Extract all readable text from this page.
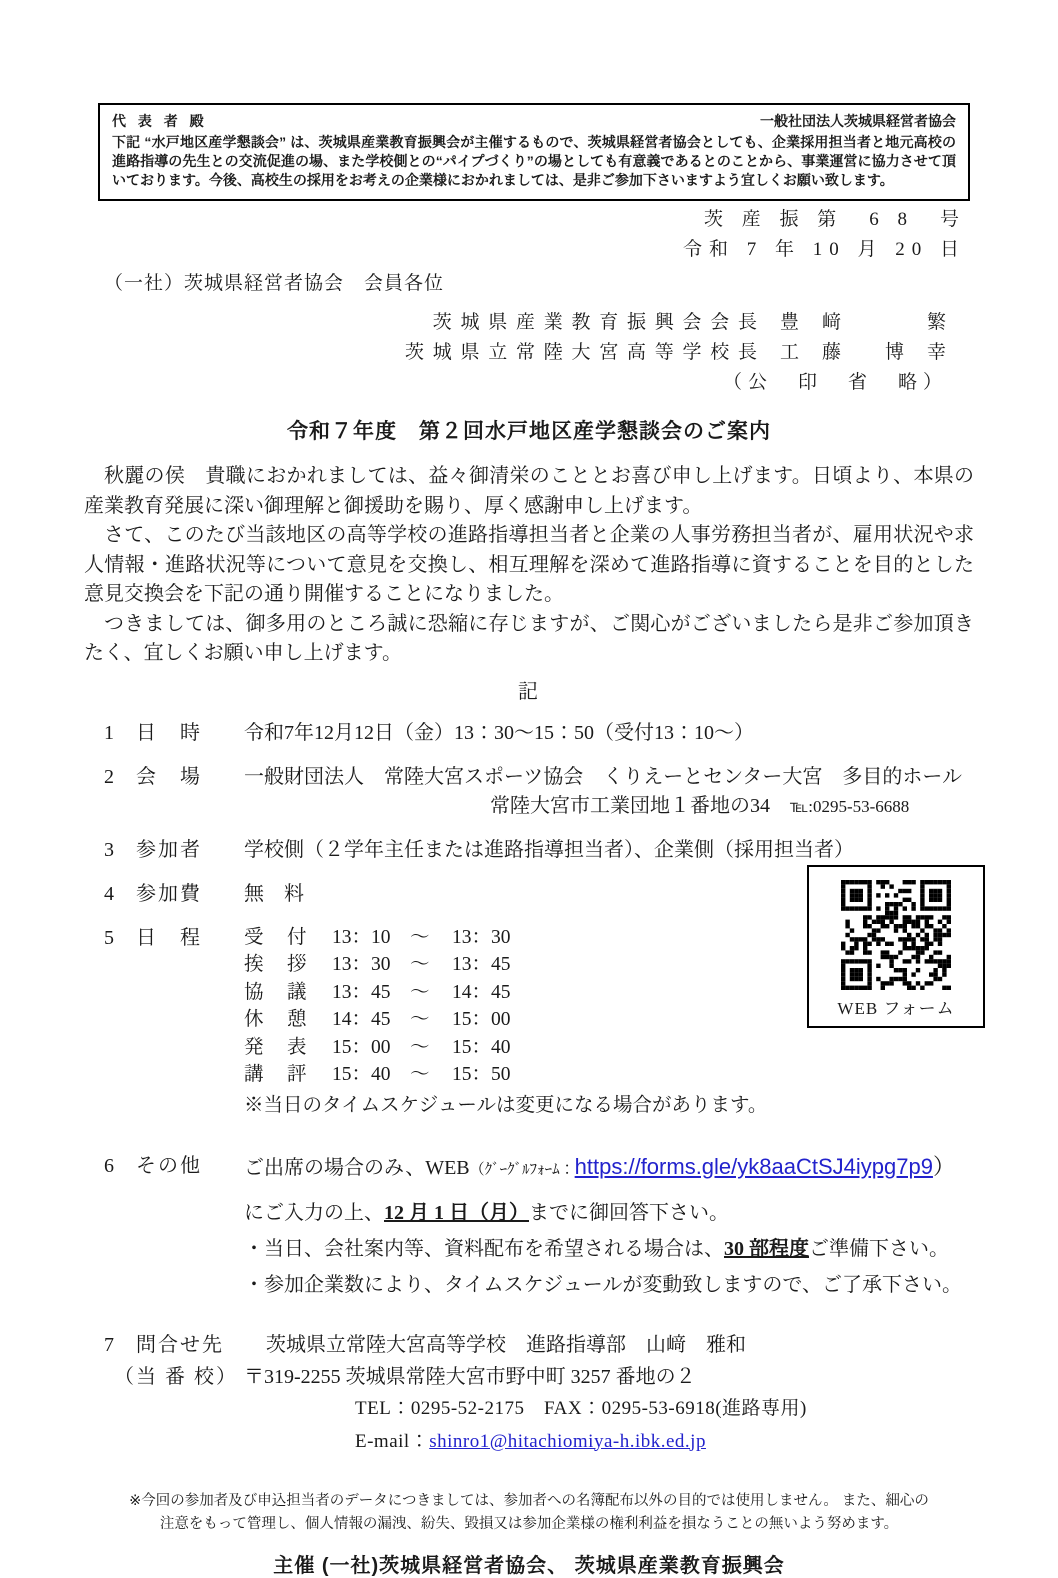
代 表 者 殿	一般社団法人茨城県経営者協会
下記 “水戸地区産学懇談会” は、茨城県産業教育振興会が主催するもので、茨城県経営者協会としても、企業採用担当者と地元高校の進路指導の先生との交流促進の場、また学校側との“パイプづくり”の場としても有意義であるとのことから、事業運営に協力させて頂いております。今後、高校生の採用をお考えの企業様におかれましては、是非ご参加下さいますよう宜しくお願い致します。
茨 産 振 第　6 8　号
令和 7 年 10 月 20 日
（一社）茨城県経営者協会　会員各位
茨 城 県 産 業 教 育 振 興 会 会 長　豊　﨑　　　　繁
茨 城 県 立 常 陸 大 宮 高 等 学 校 長　工　藤　　博　幸
（公　印　省　略）
令和７年度　第２回水戸地区産学懇談会のご案内

秋麗の侯　貴職におかれましては、益々御清栄のこととお喜び申し上げます。日頃より、本県の産業教育発展に深い御理解と御援助を賜り、厚く感謝申し上げます。

さて、このたび当該地区の高等学校の進路指導担当者と企業の人事労務担当者が、雇用状況や求人情報・進路状況等について意見を交換し、相互理解を深めて進路指導に資することを目的とした意見交換会を下記の通り開催することになりました。

つきましては、御多用のところ誠に恐縮に存じますが、ご関心がございましたら是非ご参加頂きたく、宜しくお願い申し上げます。

記
1	日　時	令和7年12月12日（金）13：30～15：50（受付13：10～）
2	会　場	一般財団法人　常陸大宮スポーツ協会　くりえーとセンター大宮　多目的ホール
常陸大宮市工業団地１番地の34　℡:0295-53-6688
3	参加者	学校側（２学年主任または進路指導担当者）、企業側（採用担当者）
4	参加費	無　料
5	日　程	受　付	13：10 ～	13：30
挨　拶	13：30 ～	13：45
協　議	13：45 ～	14：45
休　憩	14：45 ～	15：00
発　表	15：00 ～	15：40
講　評	15：40 ～	15：50
※当日のタイムスケジュールは変更になる場合があります。
6	その他	ご出席の場合のみ、WEB （ｸﾞｰｸﾞﾙﾌｫｰﾑ： https://forms.gle/yk8aaCtSJ4iypg7p9 ）
にご入力の上、12 月 1 日（月）までに御回答下さい。
・当日、会社案内等、資料配布を希望される場合は、30 部程度ご準備下さい。
・参加企業数により、タイムスケジュールが変動致しますので、ご了承下さい。
7	問合せ先	茨城県立常陸大宮高等学校　進路指導部　山﨑　雅和
（当 番 校） 〒319-2255 茨城県常陸大宮市野中町 3257 番地の２
TEL：0295-52-2175　FAX：0295-53-6918(進路専用)
E-mail：shinro1@hitachiomiya-h.ibk.ed.jp
※今回の参加者及び申込担当者のデータにつきましては、参加者への名簿配布以外の目的では使用しません。 また、細心の
注意をもって管理し、個人情報の漏洩、紛失、毀損又は参加企業様の権利利益を損なうことの無いよう努めます。
主催 (一社)茨城県経営者協会、 茨城県産業教育振興会
WEB フォーム
